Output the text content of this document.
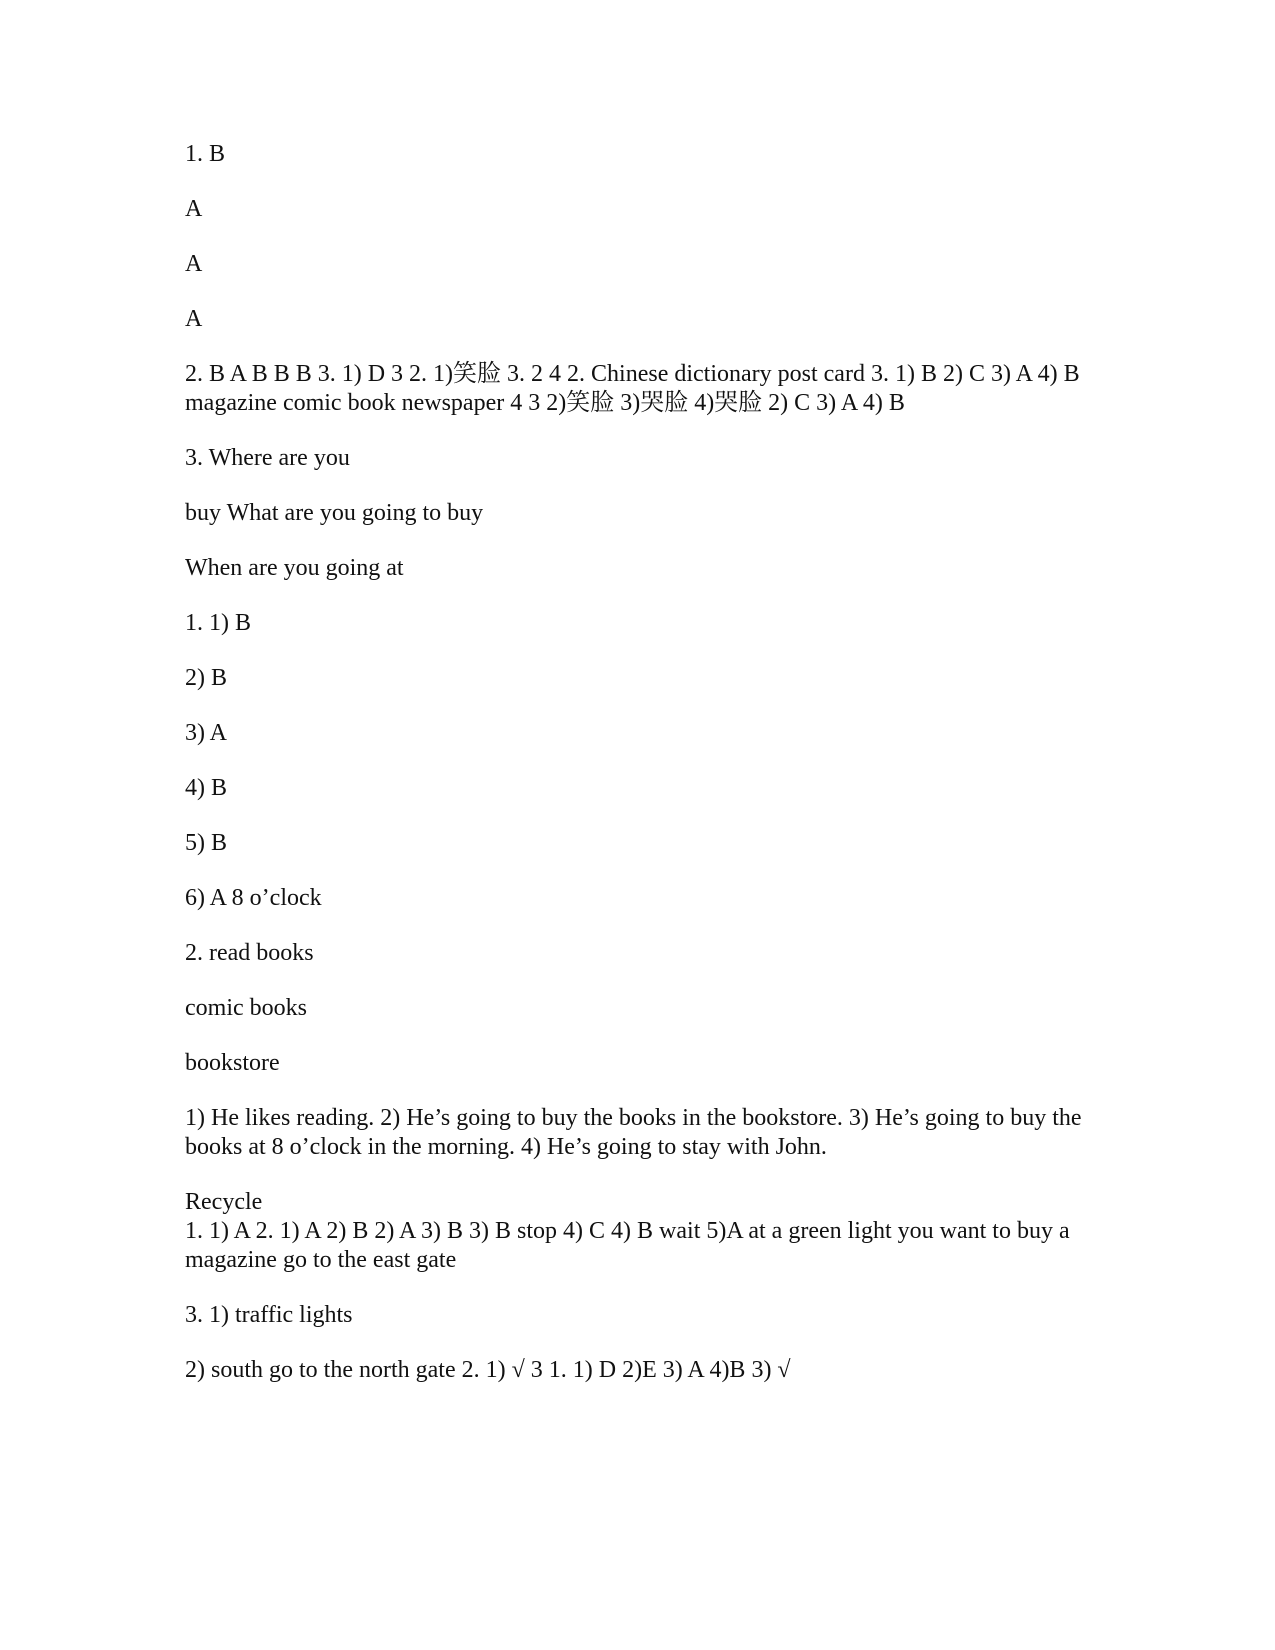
1. B

A

A

A

2. B A B B B 3. 1) D 3 2. 1)笑脸 3. 2 4 2. Chinese dictionary post card 3. 1) B 2) C 3) A 4) B magazine comic book newspaper 4 3 2)笑脸 3)哭脸 4)哭脸 2) C 3) A 4) B

3. Where are you

buy What are you going to buy

When are you going at

1. 1) B

2) B

3) A

4) B

5) B

6) A 8 o’clock

2. read books

comic books

bookstore

1) He likes reading. 2) He’s going to buy the books in the bookstore. 3) He’s going to buy the books at 8 o’clock in the morning. 4) He’s going to stay with John.

Recycle

1. 1) A 2. 1) A 2) B 2) A 3) B 3) B stop 4) C 4) B wait 5)A at a green light you want to buy a magazine go to the east gate

3. 1) traffic lights

2) south go to the north gate 2. 1) √ 3 1. 1) D 2)E 3) A 4)B 3) √
